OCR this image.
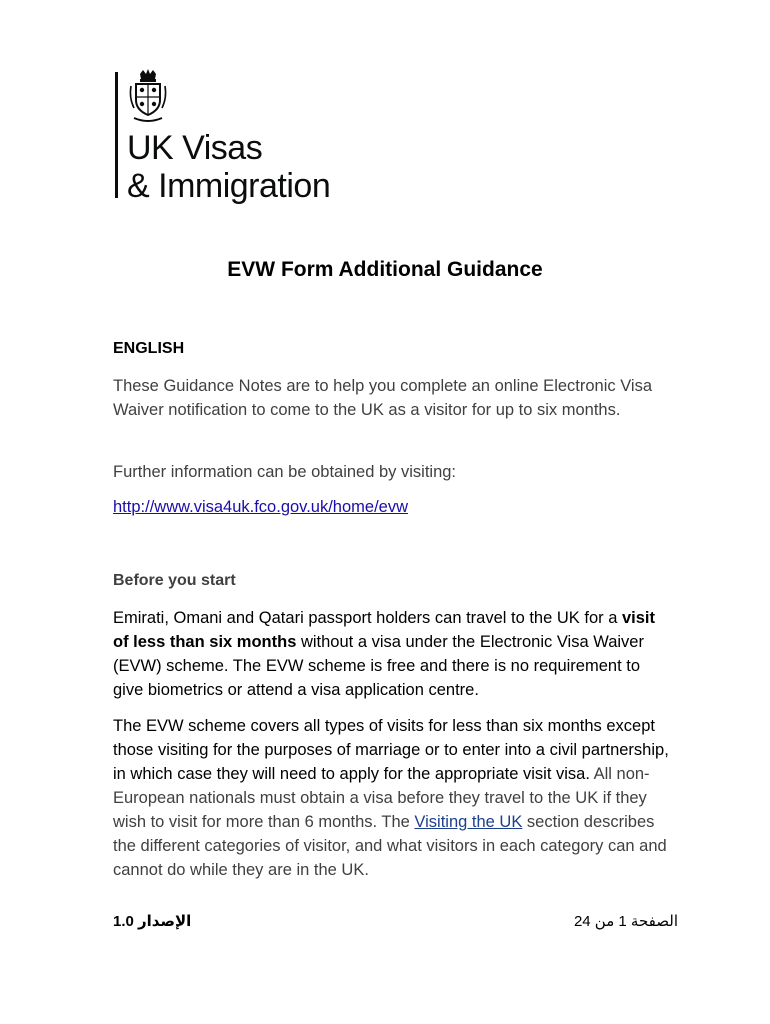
UK Visas
& Immigration
EVW Form Additional Guidance
ENGLISH
These Guidance Notes are to help you complete an online Electronic Visa Waiver notification to come to the UK as a visitor for up to six months.
Further information can be obtained by visiting:
http://www.visa4uk.fco.gov.uk/home/evw
Before you start
Emirati, Omani and Qatari passport holders can travel to the UK for a visit of less than six months without a visa under the Electronic Visa Waiver (EVW) scheme. The EVW scheme is free and there is no requirement to give biometrics or attend a visa application centre.
The EVW scheme covers all types of visits for less than six months except those visiting for the purposes of marriage or to enter into a civil partnership, in which case they will need to apply for the appropriate visit visa. All non-European nationals must obtain a visa before they travel to the UK if they wish to visit for more than 6 months. The Visiting the UK section describes the different categories of visitor, and what visitors in each category can and cannot do while they are in the UK.
الإصدار 1.0	الصفحة 1 من 24
